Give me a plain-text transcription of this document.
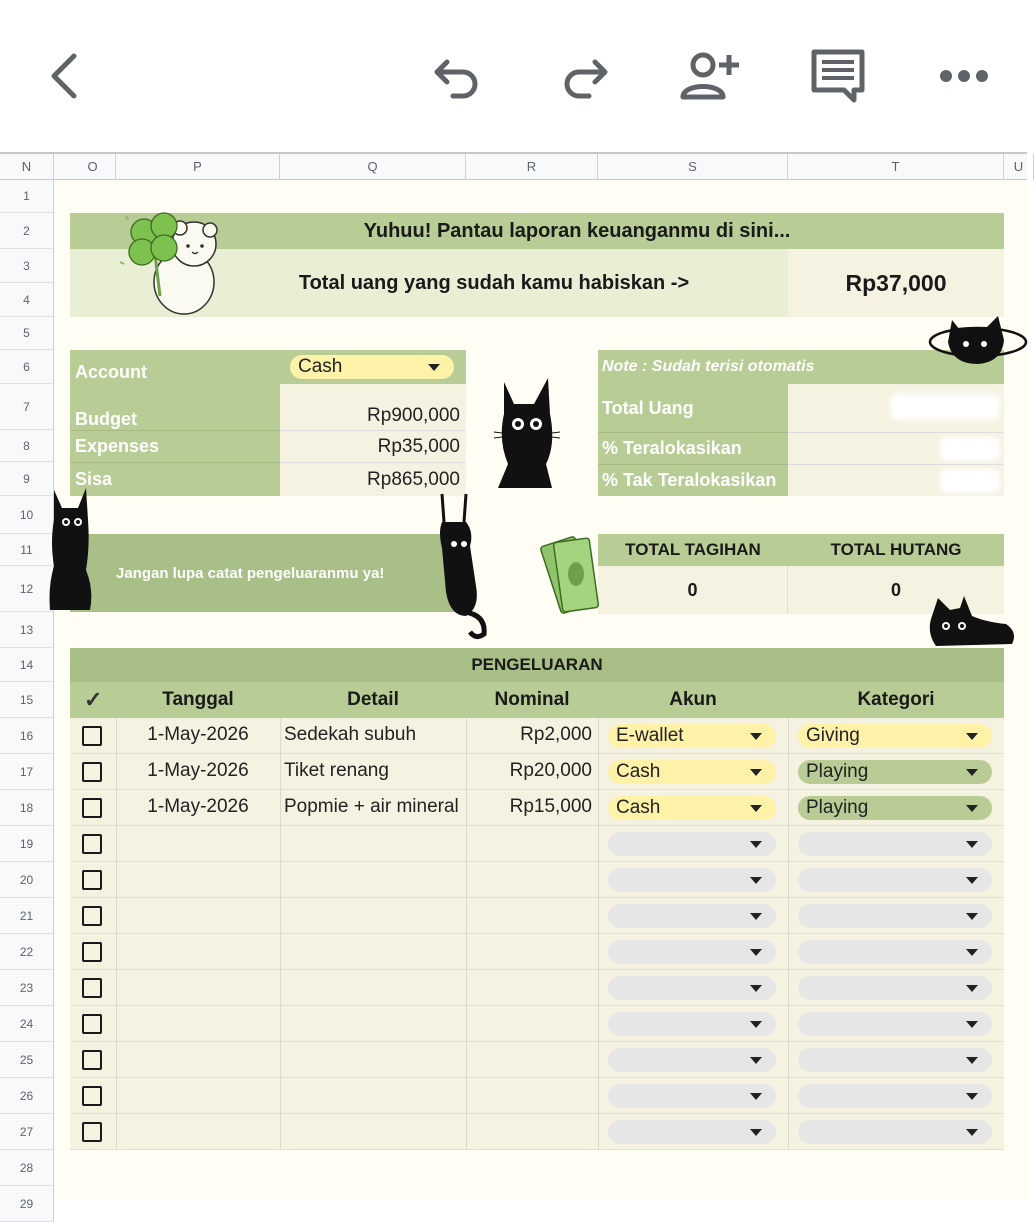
N	O	P	Q	R	S	T	U
1
2
3
4
5
6
7
8
9
10
11
12
13
14
15
16
17
18
19
20
21
22
23
24
25
26
27
28
29
Yuhuu! Pantau laporan keuanganmu di sini...
Total uang yang sudah kamu habiskan ->	Rp37,000
Account	Cash
Budget	Rp900,000
Expenses	Rp35,000
Sisa	Rp865,000
Note : Sudah terisi otomatis
Total Uang
% Teralokasikan
% Tak Teralokasikan
Jangan lupa catat pengeluaranmu ya!
TOTAL TAGIHAN	TOTAL HUTANG
0	0
PENGELUARAN
✓	Tanggal	Detail	Nominal	Akun	Kategori
1-May-2026	Sedekah subuh	Rp2,000 E-wallet	Giving
1-May-2026	Tiket renang	Rp20,000 Cash	Playing
1-May-2026	Popmie + air mineral	Rp15,000 Cash	Playing
